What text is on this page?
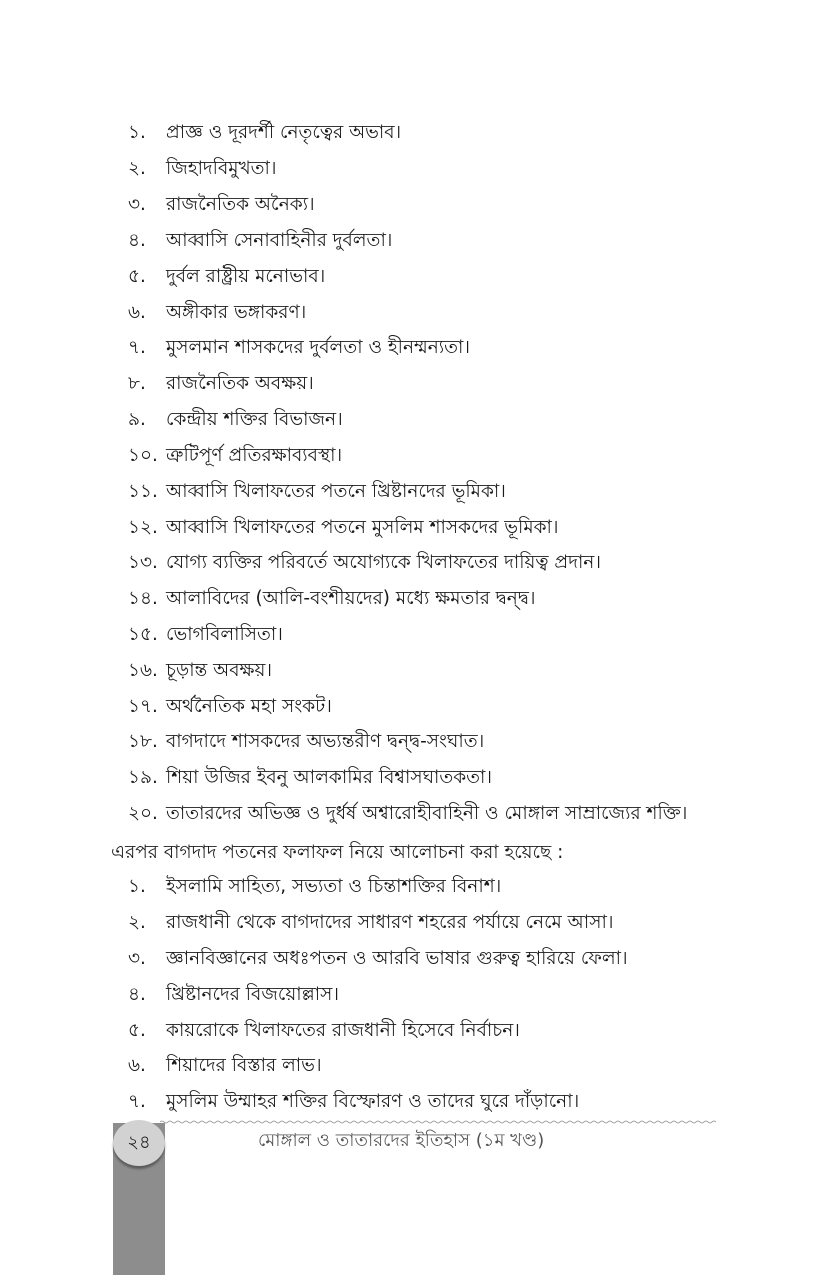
১. প্রাজ্ঞ ও দূরদর্শী নেতৃত্বের অভাব।
২. জিহাদবিমুখতা।
৩. রাজনৈতিক অনৈক্য।
৪. আব্বাসি সেনাবাহিনীর দুর্বলতা।
৫. দুর্বল রাষ্ট্রীয় মনোভাব।
৬. অঙ্গীকার ভঙ্গাকরণ।
৭. মুসলমান শাসকদের দুর্বলতা ও হীনম্মন্যতা।
৮. রাজনৈতিক অবক্ষয়।
৯. কেন্দ্রীয় শক্তির বিভাজন।
১০. ত্রুটিপূর্ণ প্রতিরক্ষাব্যবস্থা।
১১. আব্বাসি খিলাফতের পতনে খ্রিষ্টানদের ভূমিকা।
১২. আব্বাসি খিলাফতের পতনে মুসলিম শাসকদের ভূমিকা।
১৩. যোগ্য ব্যক্তির পরিবর্তে অযোগ্যকে খিলাফতের দায়িত্ব প্রদান।
১৪. আলাবিদের (আলি-বংশীয়দের) মধ্যে ক্ষমতার দ্বন্দ্ব।
১৫. ভোগবিলাসিতা।
১৬. চূড়ান্ত অবক্ষয়।
১৭. অর্থনৈতিক মহা সংকট।
১৮. বাগদাদে শাসকদের অভ্যন্তরীণ দ্বন্দ্ব-সংঘাত।
১৯. শিয়া উজির ইবনু আলকামির বিশ্বাসঘাতকতা।
২০. তাতারদের অভিজ্ঞ ও দুর্ধর্ষ অশ্বারোহীবাহিনী ও মোঙ্গাল সাম্রাজ্যের শক্তি।
এরপর বাগদাদ পতনের ফলাফল নিয়ে আলোচনা করা হয়েছে :
১. ইসলামি সাহিত্য, সভ্যতা ও চিন্তাশক্তির বিনাশ।
২. রাজধানী থেকে বাগদাদের সাধারণ শহরের পর্যায়ে নেমে আসা।
৩. জ্ঞানবিজ্ঞানের অধঃপতন ও আরবি ভাষার গুরুত্ব হারিয়ে ফেলা।
৪. খ্রিষ্টানদের বিজয়োল্লাস।
৫. কায়রোকে খিলাফতের রাজধানী হিসেবে নির্বাচন।
৬. শিয়াদের বিস্তার লাভ।
৭. মুসলিম উম্মাহর শক্তির বিস্ফোরণ ও তাদের ঘুরে দাঁড়ানো।
২৪	মোঙ্গাল ও তাতারদের ইতিহাস (১ম খণ্ড)
